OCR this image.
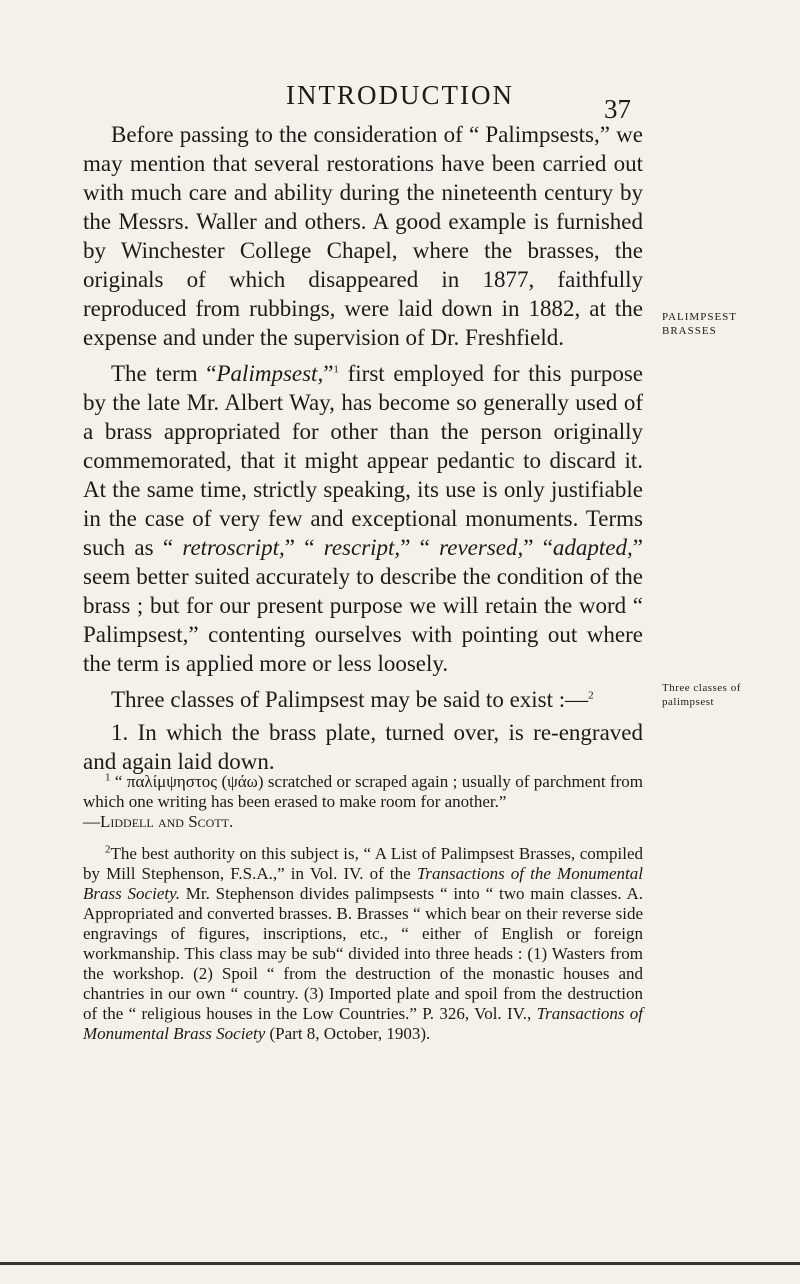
INTRODUCTION	37

Before passing to the consideration of “ Palimpsests,” we may mention that several restorations have been carried out with much care and ability during the nineteenth century by the Messrs. Waller and others. A good example is furnished by Winchester College Chapel, where the brasses, the originals of which disappeared in 1877, faithfully reproduced from rubbings, were laid down in 1882, at the expense and under the supervision of Dr. Freshfield.

The term “Palimpsest,”$^1$ first employed for this purpose by the late Mr. Albert Way, has become so generally used of a brass appropriated for other than the person originally commemorated, that it might appear pedantic to discard it. At the same time, strictly speaking, its use is only justifiable in the case of very few and exceptional monuments. Terms such as “ retroscript,” “ rescript,” “ reversed,” “adapted,” seem better suited accurately to describe the condition of the brass ; but for our present purpose we will retain the word “ Palimpsest,” contenting ourselves with pointing out where the term is applied more or less loosely.

Three classes of Palimpsest may be said to exist :—$^2$

1. In which the brass plate, turned over, is re-engraved and again laid down.

PALIMPSEST BRASSES
Three classes of palimpsest

$^1$ “ παλίμψηστος (ψάω) scratched or scraped again ; usually of parchment from which one writing has been erased to make room for another.”
—Liddell and Scott.

$^2$The best authority on this subject is, “ A List of Palimpsest Brasses, compiled by Mill Stephenson, F.S.A.,” in Vol. IV. of the Transactions of the Monumental Brass Society. Mr. Stephenson divides palimpsests “ into “ two main classes. A. Appropriated and converted brasses. B. Brasses “ which bear on their reverse side engravings of figures, inscriptions, etc., “ either of English or foreign workmanship. This class may be sub“ divided into three heads : (1) Wasters from the workshop. (2) Spoil “ from the destruction of the monastic houses and chantries in our own “ country. (3) Imported plate and spoil from the destruction of the “ religious houses in the Low Countries.” P. 326, Vol. IV., Transactions of Monumental Brass Society (Part 8, October, 1903).
